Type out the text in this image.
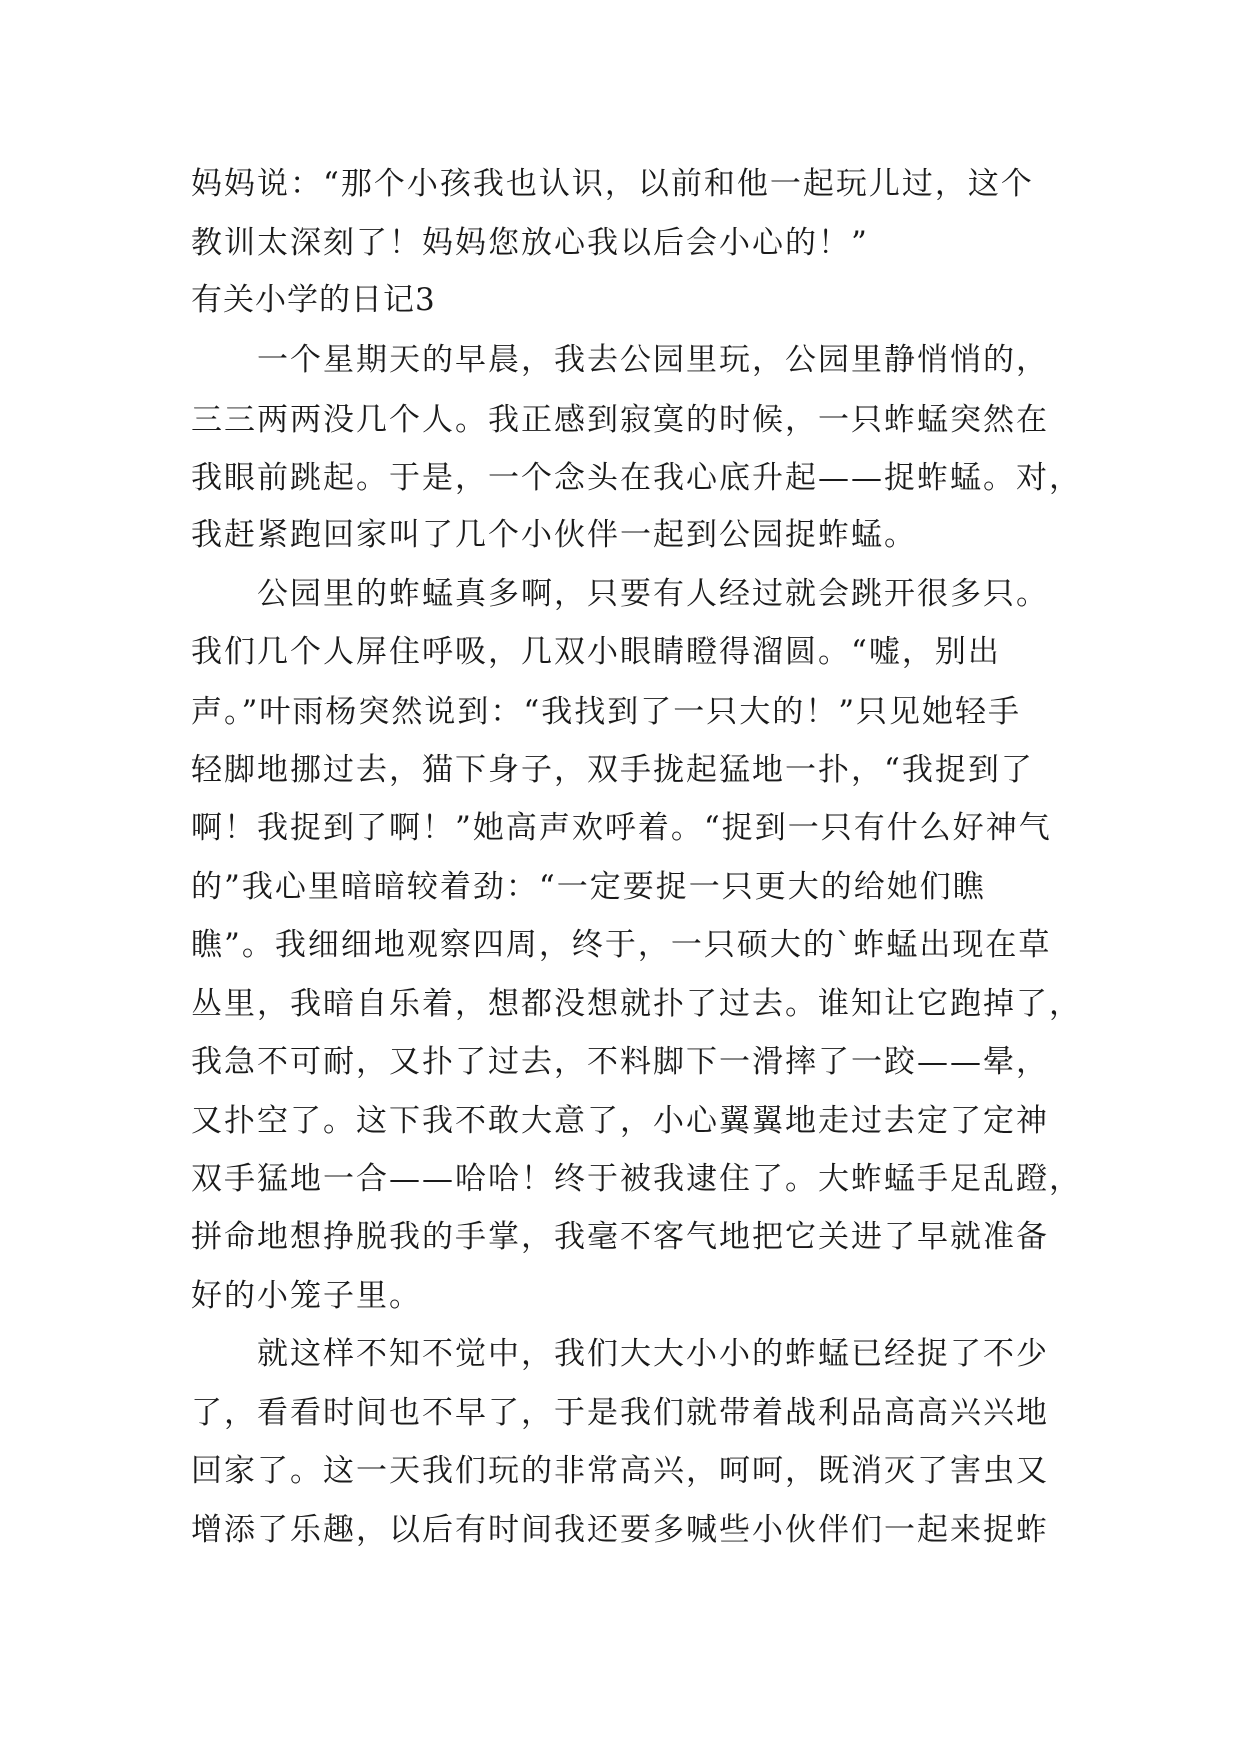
妈妈说：“那个小孩我也认识，以前和他一起玩儿过，这个
教训太深刻了！妈妈您放心我以后会小心的！”
有关小学的日记3
　　一个星期天的早晨，我去公园里玩，公园里静悄悄的，
三三两两没几个人。我正感到寂寞的时候，一只蚱蜢突然在
我眼前跳起。于是，一个念头在我心底升起——捉蚱蜢。对，
我赶紧跑回家叫了几个小伙伴一起到公园捉蚱蜢。
　　公园里的蚱蜢真多啊，只要有人经过就会跳开很多只。
我们几个人屏住呼吸，几双小眼睛瞪得溜圆。“嘘，别出
声。”叶雨杨突然说到：“我找到了一只大的！”只见她轻手
轻脚地挪过去，猫下身子，双手拢起猛地一扑，“我捉到了
啊！我捉到了啊！”她高声欢呼着。“捉到一只有什么好神气
的”我心里暗暗较着劲：“一定要捉一只更大的给她们瞧
瞧”。我细细地观察四周，终于，一只硕大的`蚱蜢出现在草
丛里，我暗自乐着，想都没想就扑了过去。谁知让它跑掉了，
我急不可耐，又扑了过去，不料脚下一滑摔了一跤——晕，
又扑空了。这下我不敢大意了，小心翼翼地走过去定了定神
双手猛地一合——哈哈！终于被我逮住了。大蚱蜢手足乱蹬，
拼命地想挣脱我的手掌，我毫不客气地把它关进了早就准备
好的小笼子里。
　　就这样不知不觉中，我们大大小小的蚱蜢已经捉了不少
了，看看时间也不早了，于是我们就带着战利品高高兴兴地
回家了。这一天我们玩的非常高兴，呵呵，既消灭了害虫又
增添了乐趣，以后有时间我还要多喊些小伙伴们一起来捉蚱
